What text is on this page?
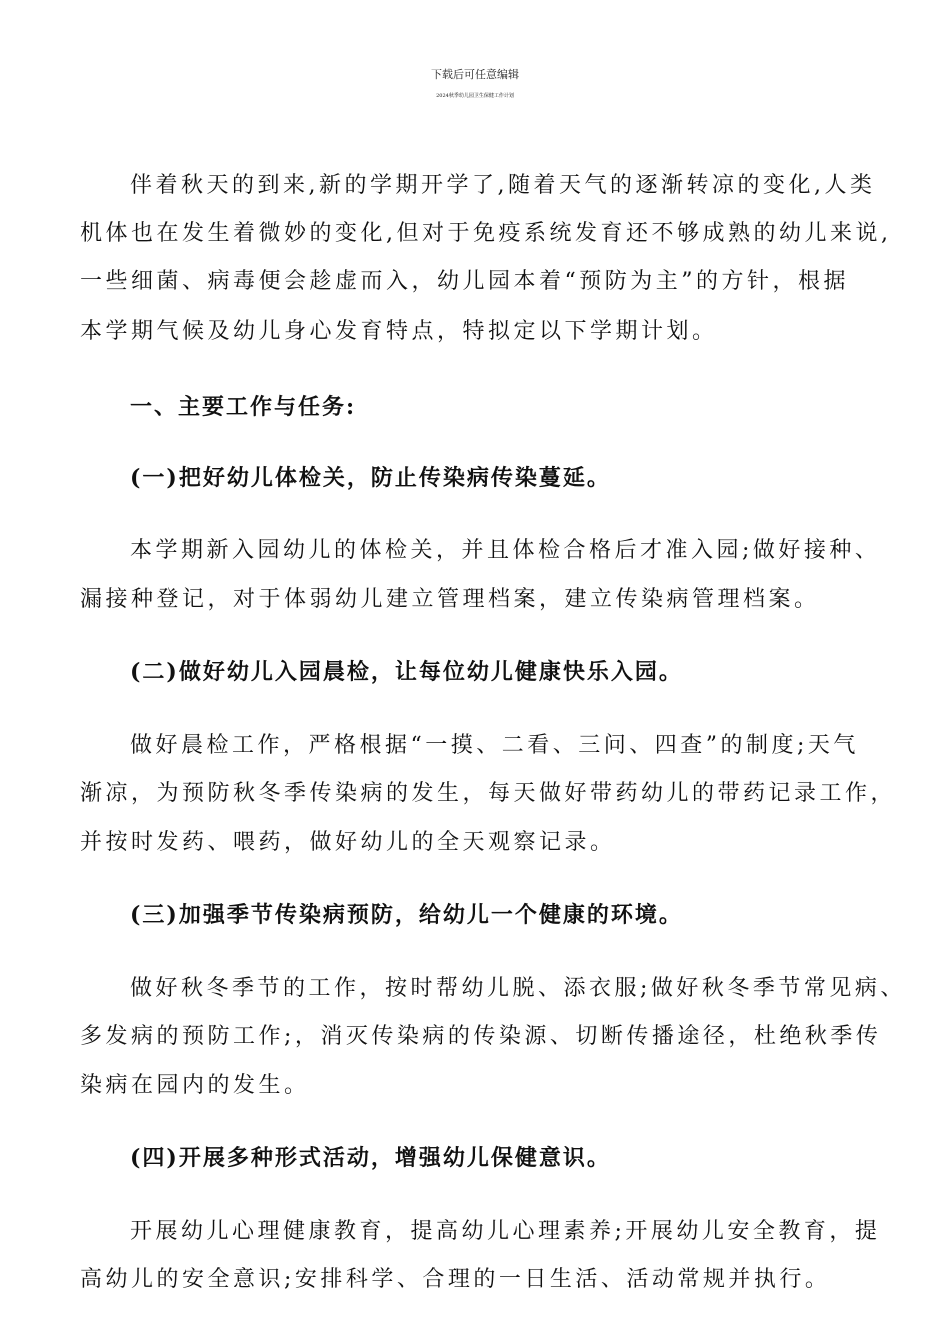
下载后可任意编辑
2024秋季幼儿园卫生保健工作计划
伴着秋天的到来,新的学期开学了,随着天气的逐渐转凉的变化,人类
机体也在发生着微妙的变化,但对于免疫系统发育还不够成熟的幼儿来说,
一些细菌、病毒便会趁虚而入，幼儿园本着“预防为主”的方针，根据
本学期气候及幼儿身心发育特点，特拟定以下学期计划。
一、主要工作与任务:
(一)把好幼儿体检关，防止传染病传染蔓延。
本学期新入园幼儿的体检关，并且体检合格后才准入园;做好接种、
漏接种登记，对于体弱幼儿建立管理档案，建立传染病管理档案。
(二)做好幼儿入园晨检，让每位幼儿健康快乐入园。
做好晨检工作，严格根据“一摸、二看、三问、四查”的制度;天气
渐凉，为预防秋冬季传染病的发生，每天做好带药幼儿的带药记录工作，
并按时发药、喂药，做好幼儿的全天观察记录。
(三)加强季节传染病预防，给幼儿一个健康的环境。
做好秋冬季节的工作，按时帮幼儿脱、添衣服;做好秋冬季节常见病、
多发病的预防工作;，消灭传染病的传染源、切断传播途径，杜绝秋季传
染病在园内的发生。
(四)开展多种形式活动，增强幼儿保健意识。
开展幼儿心理健康教育，提高幼儿心理素养;开展幼儿安全教育，提
高幼儿的安全意识;安排科学、合理的一日生活、活动常规并执行。
